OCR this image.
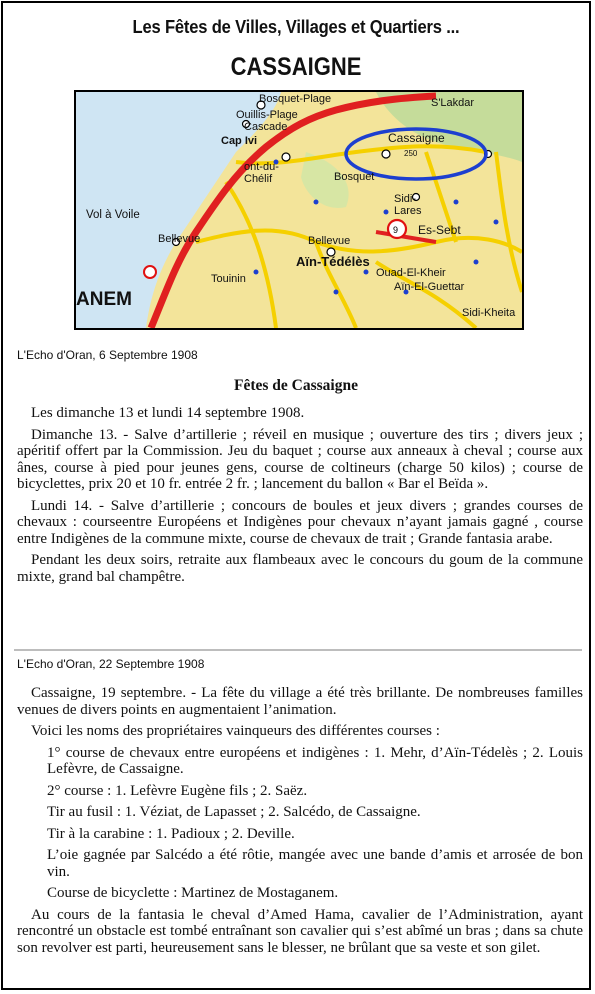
Les Fêtes de Villes, Villages et Quartiers ...
CASSAIGNE
9
Bosquet-Plage
Ouillis-Plage
Cascade
Cap Ivi
S'Lakdar
Cassaigne
250
ont-du-Chélif	Bosquet
Vol à Voile
Bellevue
Sidi-Lares
Es-Sebt
Bellevue
Aïn-Tédélès
Touinin	Ouad-El-Kheir
Aïn-El-Guettar
Sidi-Kheita
ANEM
L'Echo d'Oran, 6 Septembre 1908
Fêtes de Cassaigne

Les dimanche 13 et lundi 14 septembre 1908.

Dimanche 13. - Salve d’artillerie ; réveil en musique ; ouverture des tirs ; divers jeux ; apéritif offert par la Commission. Jeu du baquet ; course aux anneaux à cheval ; course aux ânes, course à pied pour jeunes gens, course de coltineurs (charge 50 kilos) ; course de bicyclettes, prix 20 et 10 fr. entrée 2 fr. ; lancement du ballon « Bar el Beïda ».

Lundi 14. - Salve d’artillerie ; concours de boules et jeux divers ; grandes courses de chevaux : courseentre Européens et Indigènes pour chevaux n’ayant jamais gagné , course entre Indigènes de la commune mixte, course de chevaux de trait ; Grande fantasia arabe.

Pendant les deux soirs, retraite aux flambeaux avec le concours du goum de la commune mixte, grand bal champêtre.

L'Echo d'Oran, 22 Septembre 1908

Cassaigne, 19 septembre. - La fête du village a été très brillante. De nombreuses familles venues de divers points en augmentaient l’animation.

Voici les noms des propriétaires vainqueurs des différentes courses :

1° course de chevaux entre européens et indigènes : 1. Mehr, d’Aïn-Tédelès ; 2. Louis Lefèvre, de Cassaigne.

2° course : 1. Lefèvre Eugène fils ; 2. Saëz.

Tir au fusil : 1. Véziat, de Lapasset ; 2. Salcédo, de Cassaigne.

Tir à la carabine : 1. Padioux ; 2. Deville.

L’oie gagnée par Salcédo a été rôtie, mangée avec une bande d’amis et arrosée de bon vin.

Course de bicyclette : Martinez de Mostaganem.

Au cours de la fantasia le cheval d’Amed Hama, cavalier de l’Administration, ayant rencontré un obstacle est tombé entraînant son cavalier qui s’est abîmé un bras ; dans sa chute son revolver est parti, heureusement sans le blesser, ne brûlant que sa veste et son gilet.
